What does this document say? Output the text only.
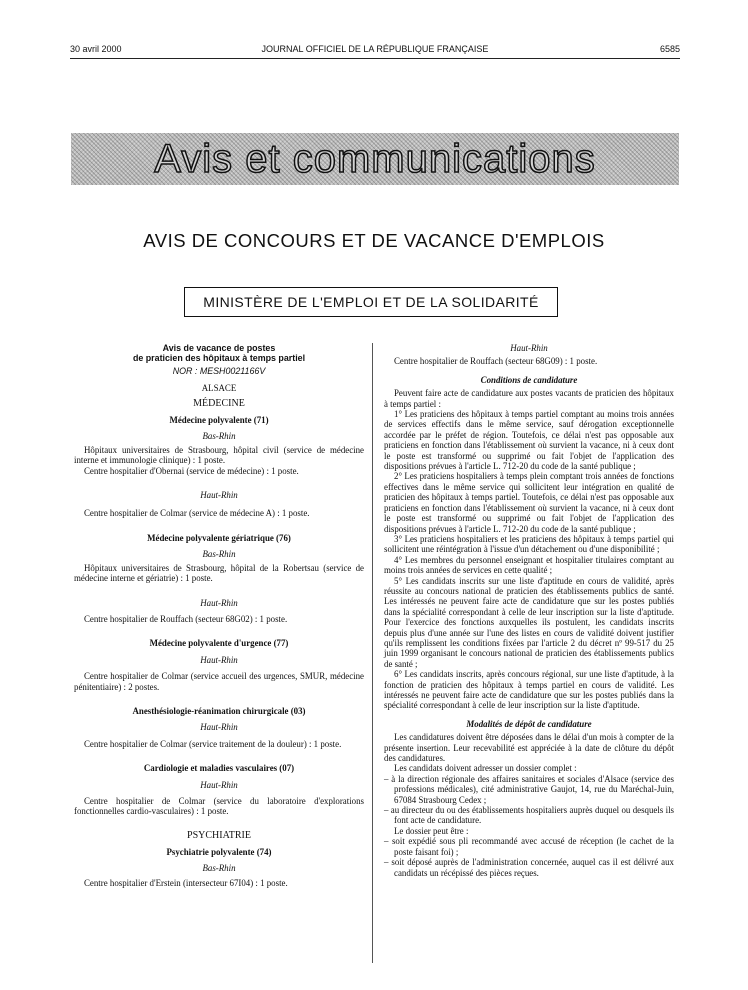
30 avril 2000	JOURNAL OFFICIEL DE LA RÉPUBLIQUE FRANÇAISE	6585
Avis et communications
AVIS DE CONCOURS ET DE VACANCE D'EMPLOIS
MINISTÈRE DE L'EMPLOI ET DE LA SOLIDARITÉ

Avis de vacance de postes

de praticien des hôpitaux à temps partiel

NOR : MESH0021166V

ALSACE

MÉDECINE

Médecine polyvalente (71)

Bas-Rhin

Hôpitaux universitaires de Strasbourg, hôpital civil (service de médecine interne et immunologie clinique) : 1 poste.

Centre hospitalier d'Obernai (service de médecine) : 1 poste.

Haut-Rhin

Centre hospitalier de Colmar (service de médecine A) : 1 poste.

Médecine polyvalente gériatrique (76)

Bas-Rhin

Hôpitaux universitaires de Strasbourg, hôpital de la Robertsau (service de médecine interne et gériatrie) : 1 poste.

Haut-Rhin

Centre hospitalier de Rouffach (secteur 68G02) : 1 poste.

Médecine polyvalente d'urgence (77)

Haut-Rhin

Centre hospitalier de Colmar (service accueil des urgences, SMUR, médecine pénitentiaire) : 2 postes.

Anesthésiologie-réanimation chirurgicale (03)

Haut-Rhin

Centre hospitalier de Colmar (service traitement de la douleur) : 1 poste.

Cardiologie et maladies vasculaires (07)

Haut-Rhin

Centre hospitalier de Colmar (service du laboratoire d'explorations fonctionnelles cardio-vasculaires) : 1 poste.

PSYCHIATRIE

Psychiatrie polyvalente (74)

Bas-Rhin

Centre hospitalier d'Erstein (intersecteur 67I04) : 1 poste.

Haut-Rhin

Centre hospitalier de Rouffach (secteur 68G09) : 1 poste.

Conditions de candidature

Peuvent faire acte de candidature aux postes vacants de praticien des hôpitaux à temps partiel :

1° Les praticiens des hôpitaux à temps partiel comptant au moins trois années de services effectifs dans le même service, sauf dérogation exceptionnelle accordée par le préfet de région. Toutefois, ce délai n'est pas opposable aux praticiens en fonction dans l'établissement où survient la vacance, ni à ceux dont le poste est transformé ou supprimé ou fait l'objet de l'application des dispositions prévues à l'article L. 712-20 du code de la santé publique ;

2° Les praticiens hospitaliers à temps plein comptant trois années de fonctions effectives dans le même service qui sollicitent leur intégration en qualité de praticien des hôpitaux à temps partiel. Toutefois, ce délai n'est pas opposable aux praticiens en fonction dans l'établissement où survient la vacance, ni à ceux dont le poste est transformé ou supprimé ou fait l'objet de l'application des dispositions prévues à l'article L. 712-20 du code de la santé publique ;

3° Les praticiens hospitaliers et les praticiens des hôpitaux à temps partiel qui sollicitent une réintégration à l'issue d'un détachement ou d'une disponibilité ;

4° Les membres du personnel enseignant et hospitalier titulaires comptant au moins trois années de services en cette qualité ;

5° Les candidats inscrits sur une liste d'aptitude en cours de validité, après réussite au concours national de praticien des établissements publics de santé. Les intéressés ne peuvent faire acte de candidature que sur les postes publiés dans la spécialité correspondant à celle de leur inscription sur la liste d'aptitude. Pour l'exercice des fonctions auxquelles ils postulent, les candidats inscrits depuis plus d'une année sur l'une des listes en cours de validité doivent justifier qu'ils remplissent les conditions fixées par l'article 2 du décret nº 99-517 du 25 juin 1999 organisant le concours national de praticien des établissements publics de santé ;

6° Les candidats inscrits, après concours régional, sur une liste d'aptitude, à la fonction de praticien des hôpitaux à temps partiel en cours de validité. Les intéressés ne peuvent faire acte de candidature que sur les postes publiés dans la spécialité correspondant à celle de leur inscription sur la liste d'aptitude.

Modalités de dépôt de candidature

Les candidatures doivent être déposées dans le délai d'un mois à compter de la présente insertion. Leur recevabilité est appréciée à la date de clôture du dépôt des candidatures.

Les candidats doivent adresser un dossier complet :

– à la direction régionale des affaires sanitaires et sociales d'Alsace (service des professions médicales), cité administrative Gaujot, 14, rue du Maréchal-Juin, 67084 Strasbourg Cedex ;

– au directeur du ou des établissements hospitaliers auprès duquel ou desquels ils font acte de candidature.

Le dossier peut être :

– soit expédié sous pli recommandé avec accusé de réception (le cachet de la poste faisant foi) ;

– soit déposé auprès de l'administration concernée, auquel cas il est délivré aux candidats un récépissé des pièces reçues.
